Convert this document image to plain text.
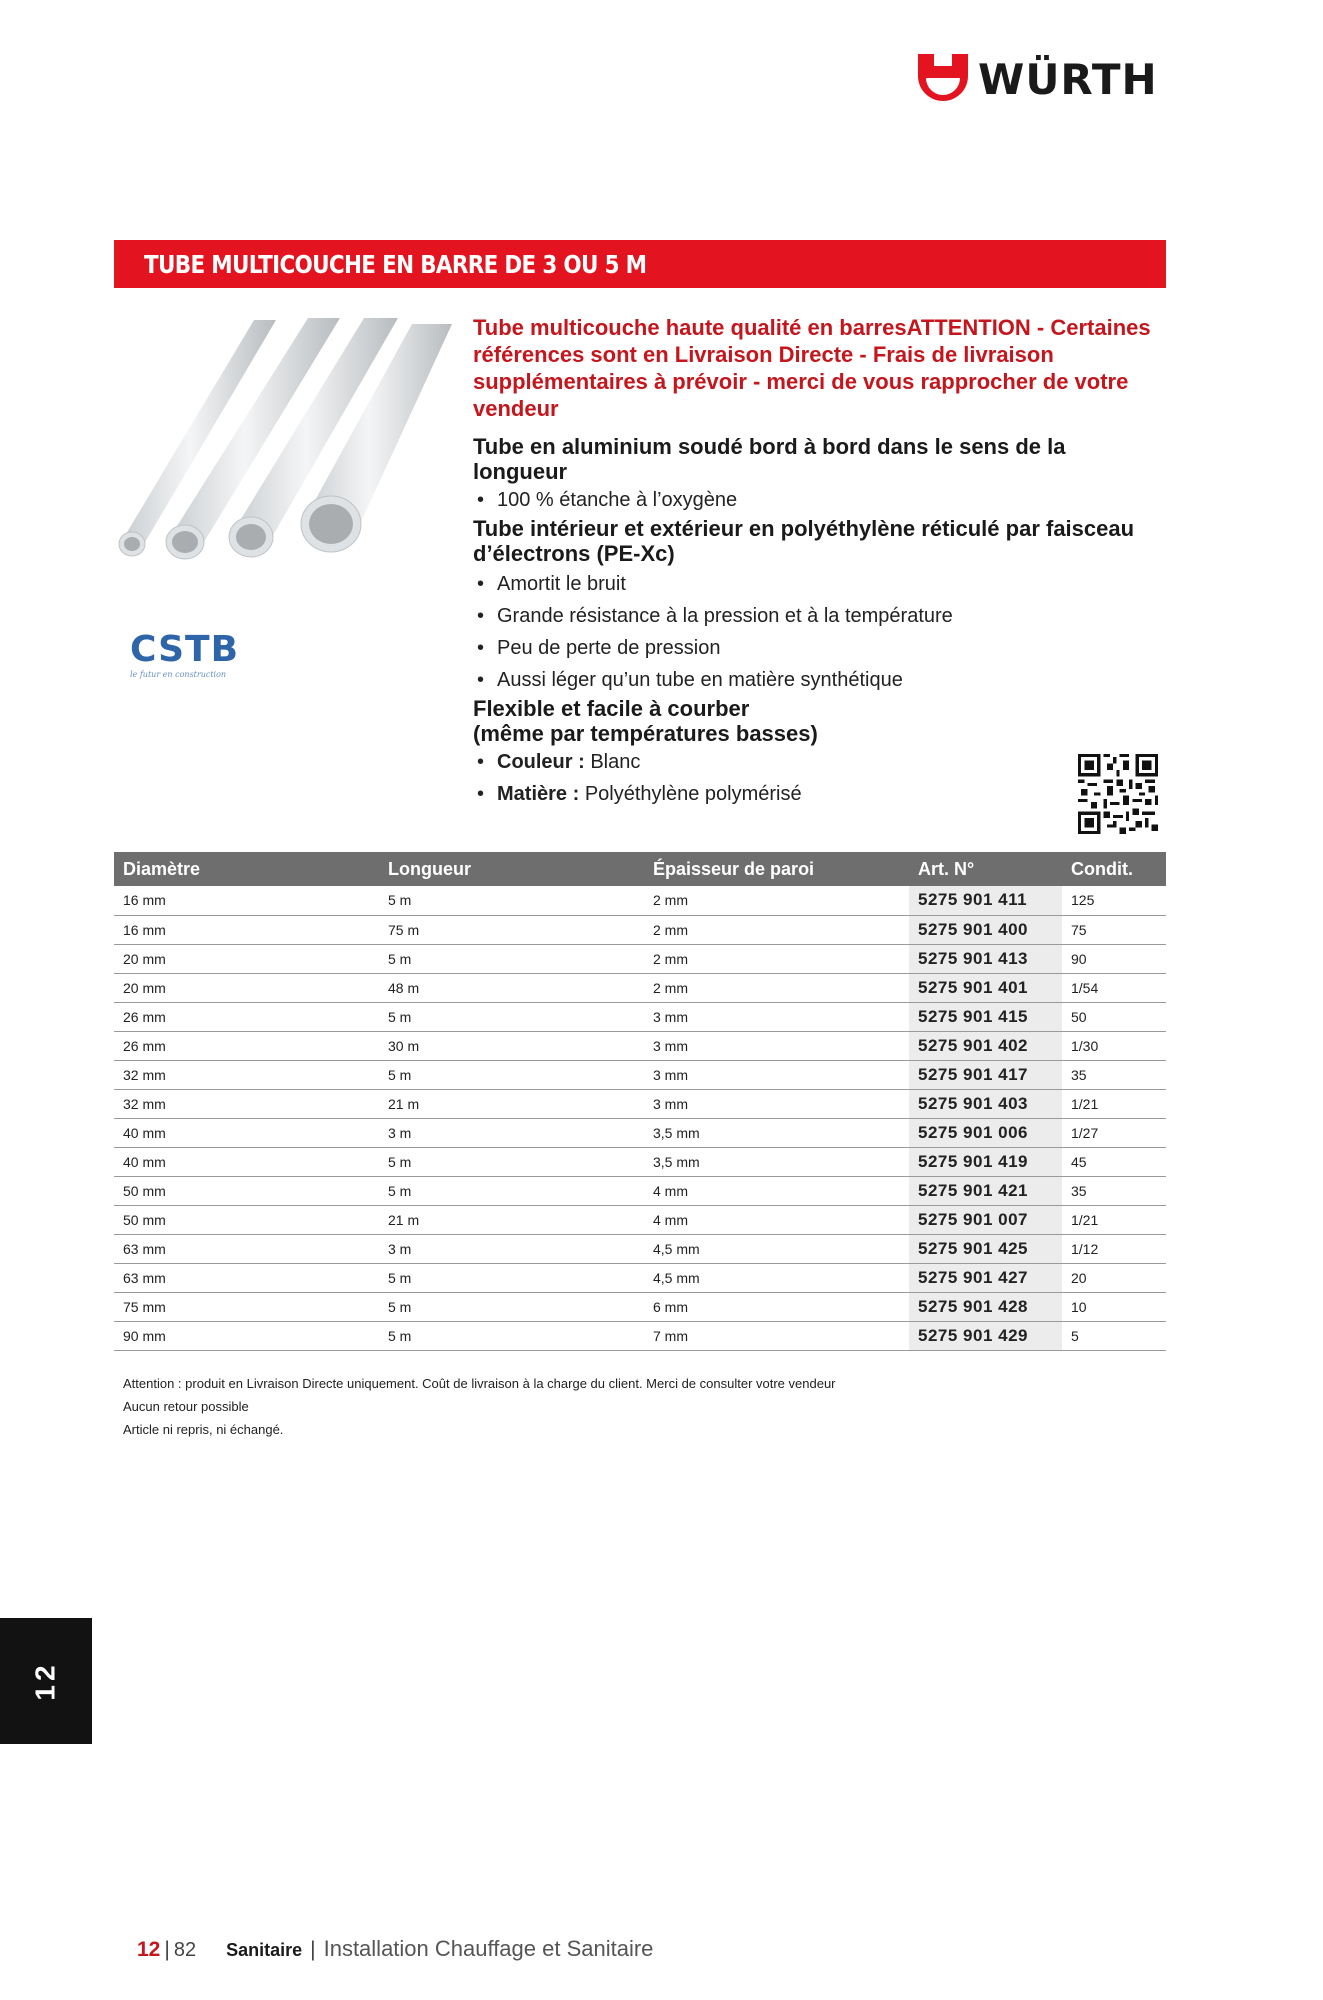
WÜRTH
TUBE MULTICOUCHE EN BARRE DE 3 OU 5 M
CSTB
le futur en construction

Tube multicouche haute qualité en barresATTENTION - Certaines références sont en Livraison Directe - Frais de livraison supplémentaires à prévoir - merci de vous rapprocher de votre vendeur

Tube en aluminium soudé bord à bord dans le sens de la longueur

• 100 % étanche à l’oxygène

Tube intérieur et extérieur en polyéthylène réticulé par faisceau d’électrons (PE-Xc)

• Amortit le bruit
• Grande résistance à la pression et à la température
• Peu de perte de pression
• Aussi léger qu’un tube en matière synthétique

Flexible et facile à courber

(même par températures basses)

• Couleur : Blanc
• Matière : Polyéthylène polymérisé
Diamètre	Longueur	Épaisseur de paroi	Art. N°	Condit.
16 mm	5 m	2 mm	5275 901 411	125
16 mm	75 m	2 mm	5275 901 400	75
20 mm	5 m	2 mm	5275 901 413	90
20 mm	48 m	2 mm	5275 901 401	1/54
26 mm	5 m	3 mm	5275 901 415	50
26 mm	30 m	3 mm	5275 901 402	1/30
32 mm	5 m	3 mm	5275 901 417	35
32 mm	21 m	3 mm	5275 901 403	1/21
40 mm	3 m	3,5 mm	5275 901 006	1/27
40 mm	5 m	3,5 mm	5275 901 419	45
50 mm	5 m	4 mm	5275 901 421	35
50 mm	21 m	4 mm	5275 901 007	1/21
63 mm	3 m	4,5 mm	5275 901 425	1/12
63 mm	5 m	4,5 mm	5275 901 427	20
75 mm	5 m	6 mm	5275 901 428	10
90 mm	5 m	7 mm	5275 901 429	5

Attention : produit en Livraison Directe uniquement. Coût de livraison à la charge du client. Merci de consulter votre vendeur

Aucun retour possible

Article ni repris, ni échangé.

12
12 | 82 Sanitaire | Installation Chauffage et Sanitaire
